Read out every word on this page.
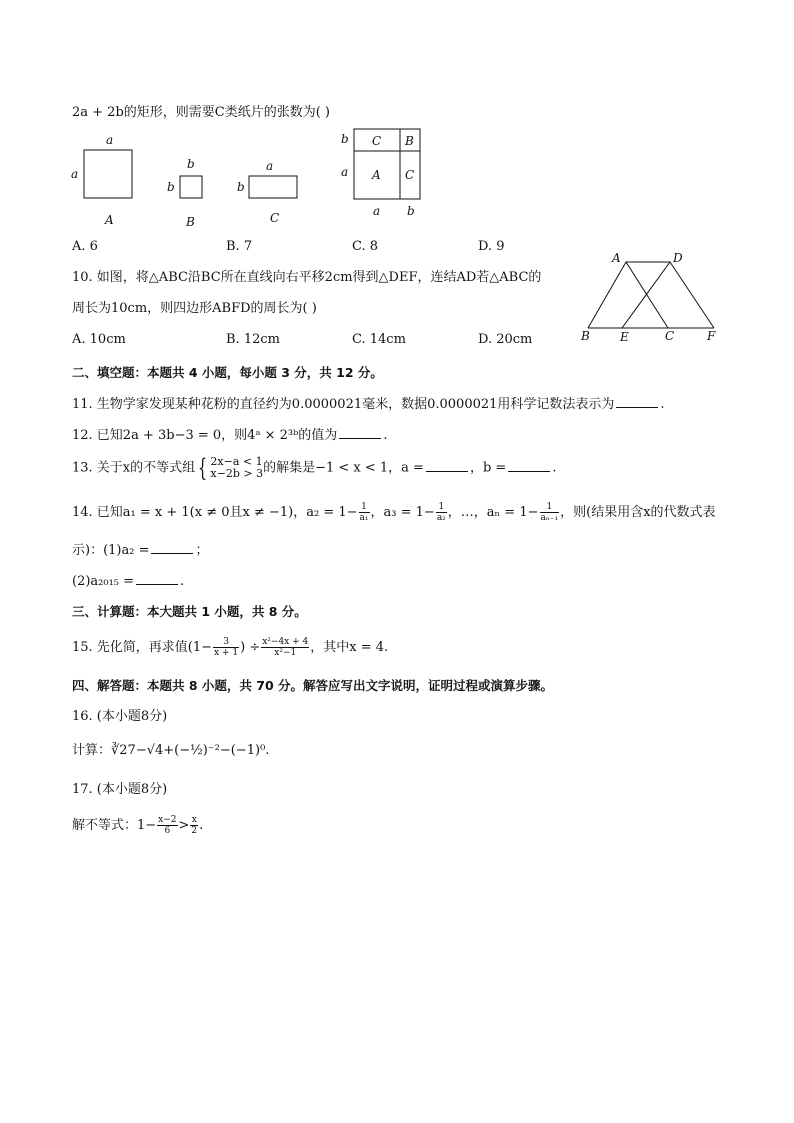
2a + 2b的矩形，则需要C类纸片的张数为( )
a
a
A
b
b
B
a
b
C
C B
A C
b
a
a b
A. 6	B. 7	C. 8	D. 9
10. 如图，将△ABC沿BC所在直线向右平移2cm得到△DEF，连结AD若△ABC的
周长为10cm，则四边形ABFD的周长为( )
A. 10cm	B. 12cm	C. 14cm	D. 20cm
A	D
B	E	C	F
二、填空题：本题共 4 小题，每小题 3 分，共 12 分。
11. 生物学家发现某种花粉的直径约为0.0000021毫米，数据0.0000021用科学记数法表示为	.
12. 已知2a + 3b−3 = 0，则4ᵃ × 2³ᵇ的值为	.
13. 关于x的不等式组 { 2x−a < 1
x−2b > 3 的解集是−1 < x < 1，a =	，b =	.
14. 已知a₁ = x + 1(x ≠ 0且x ≠ −1)，$a_2 = 1- \frac{1}{\text{a₁}}$ ，$a_3 = 1- \frac{1}{\text{a₂}}$ ，…，$a_n = 1- \frac{1}{\text{aₙ₋₁}}$ ，则(结果用含x的代数式表
示)：(1)a₂ =	；
(2)a₂₀₁₅ =	.
三、计算题：本大题共 1 小题，共 8 分。
15. 先化简，再求值($1- \frac{3}{x + 1}$ ) ÷ $\frac{\text{x²−4x + 4}}{\text{x²−1}}$ ，其中x = 4.
四、解答题：本题共 8 小题，共 70 分。解答应写出文字说明，证明过程或演算步骤。
16. (本小题8分)
计算：∛27−√4+(−½)⁻²−(−1)⁰.
17. (本小题8分)
解不等式：$1- \frac{x-2}{6} > \frac{x}{2}$ .
